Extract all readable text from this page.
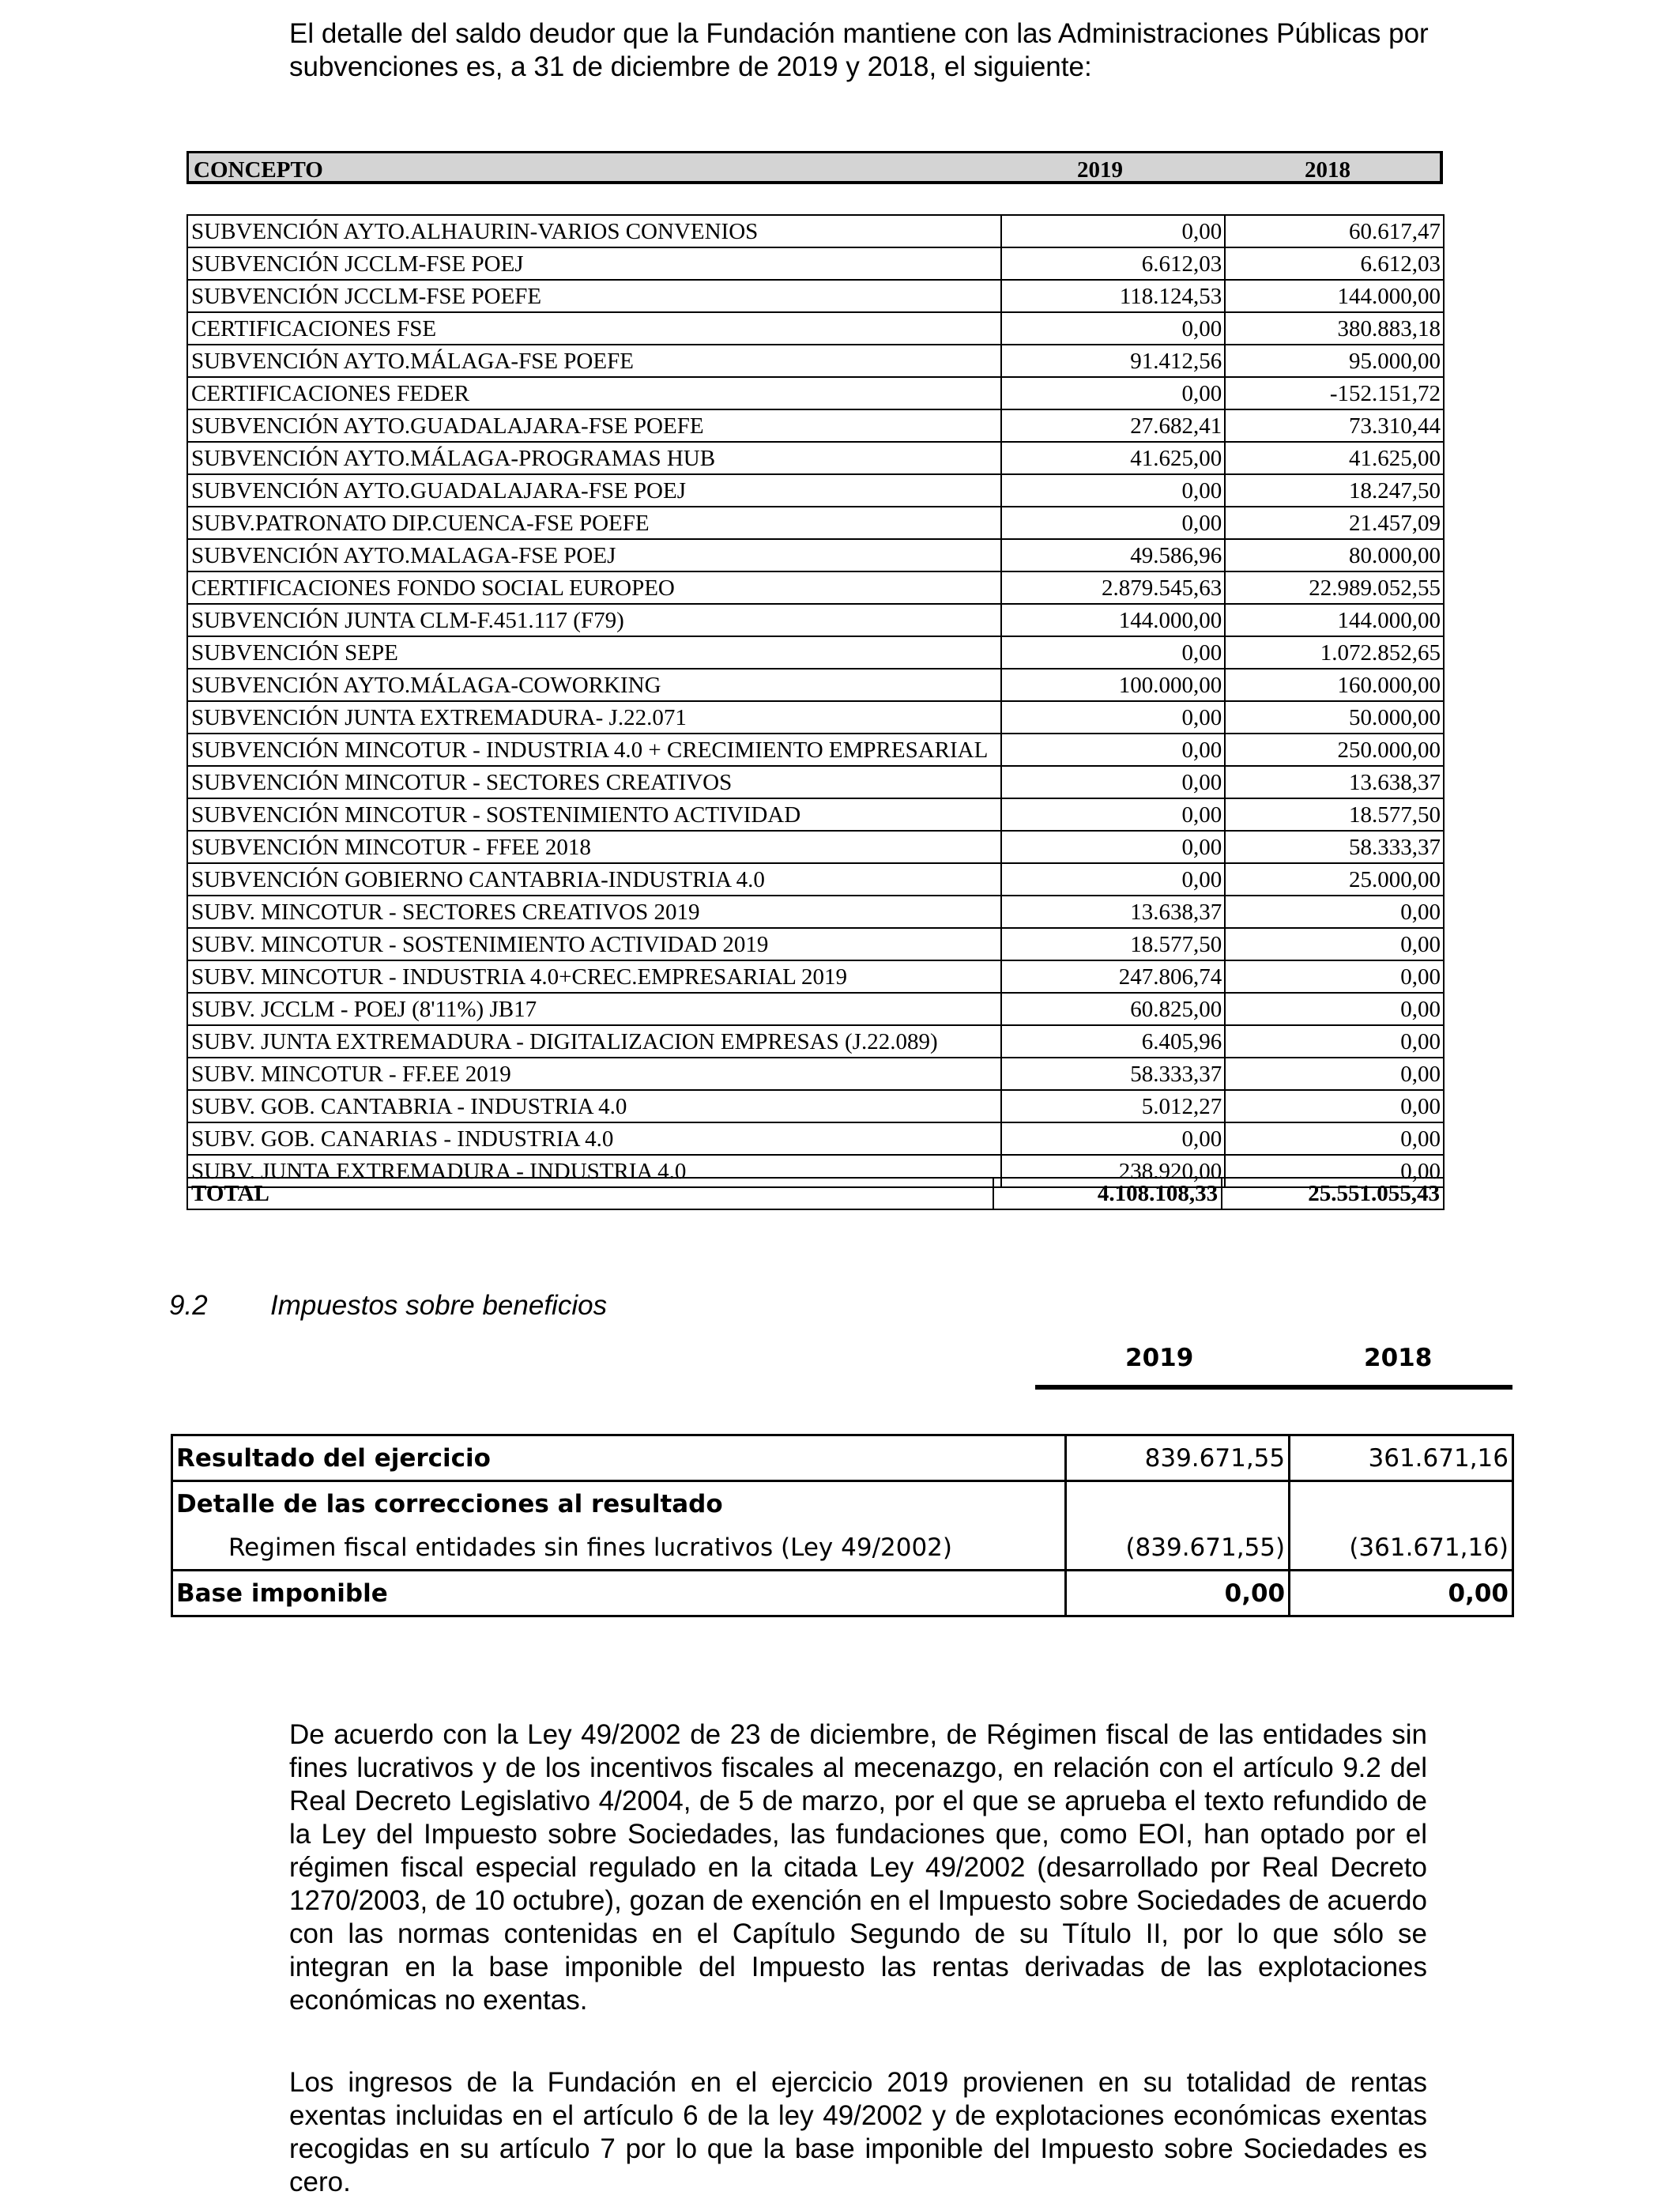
El detalle del saldo deudor que la Fundación mantiene con las Administraciones Públicas por subvenciones es, a 31 de diciembre de 2019 y 2018, el siguiente:
CONCEPTO	2019	2018
SUBVENCIÓN AYTO.ALHAURIN-VARIOS CONVENIOS	0,00	60.617,47
SUBVENCIÓN JCCLM-FSE POEJ	6.612,03	6.612,03
SUBVENCIÓN JCCLM-FSE POEFE	118.124,53	144.000,00
CERTIFICACIONES FSE	0,00	380.883,18
SUBVENCIÓN AYTO.MÁLAGA-FSE POEFE	91.412,56	95.000,00
CERTIFICACIONES FEDER	0,00	-152.151,72
SUBVENCIÓN AYTO.GUADALAJARA-FSE POEFE	27.682,41	73.310,44
SUBVENCIÓN AYTO.MÁLAGA-PROGRAMAS HUB	41.625,00	41.625,00
SUBVENCIÓN AYTO.GUADALAJARA-FSE POEJ	0,00	18.247,50
SUBV.PATRONATO DIP.CUENCA-FSE POEFE	0,00	21.457,09
SUBVENCIÓN AYTO.MALAGA-FSE POEJ	49.586,96	80.000,00
CERTIFICACIONES FONDO SOCIAL EUROPEO	2.879.545,63	22.989.052,55
SUBVENCIÓN JUNTA CLM-F.451.117 (F79)	144.000,00	144.000,00
SUBVENCIÓN SEPE	0,00	1.072.852,65
SUBVENCIÓN AYTO.MÁLAGA-COWORKING	100.000,00	160.000,00
SUBVENCIÓN JUNTA EXTREMADURA- J.22.071	0,00	50.000,00
SUBVENCIÓN MINCOTUR - INDUSTRIA 4.0 + CRECIMIENTO EMPRESARIAL	0,00	250.000,00
SUBVENCIÓN MINCOTUR - SECTORES CREATIVOS	0,00	13.638,37
SUBVENCIÓN MINCOTUR - SOSTENIMIENTO ACTIVIDAD	0,00	18.577,50
SUBVENCIÓN MINCOTUR - FFEE 2018	0,00	58.333,37
SUBVENCIÓN GOBIERNO CANTABRIA-INDUSTRIA 4.0	0,00	25.000,00
SUBV. MINCOTUR - SECTORES CREATIVOS 2019	13.638,37	0,00
SUBV. MINCOTUR - SOSTENIMIENTO ACTIVIDAD 2019	18.577,50	0,00
SUBV. MINCOTUR - INDUSTRIA 4.0+CREC.EMPRESARIAL 2019	247.806,74	0,00
SUBV. JCCLM - POEJ (8'11%) JB17	60.825,00	0,00
SUBV. JUNTA EXTREMADURA - DIGITALIZACION EMPRESAS (J.22.089)	6.405,96	0,00
SUBV. MINCOTUR - FF.EE 2019	58.333,37	0,00
SUBV. GOB. CANTABRIA - INDUSTRIA 4.0	5.012,27	0,00
SUBV. GOB. CANARIAS - INDUSTRIA 4.0	0,00	0,00
SUBV. JUNTA EXTREMADURA - INDUSTRIA 4.0	238.920,00	0,00
TOTAL	4.108.108,33	25.551.055,43
9.2 Impuestos sobre beneficios
2019	2018
Resultado del ejercicio	839.671,55	361.671,16
Detalle de las correcciones al resultado		
Regimen fiscal entidades sin fines lucrativos (Ley 49/2002)	(839.671,55)	(361.671,16)
Base imponible	0,00	0,00

De acuerdo con la Ley 49/2002 de 23 de diciembre, de Régimen fiscal de las entidades sin fines lucrativos y de los incentivos fiscales al mecenazgo, en relación con el artículo 9.2 del Real Decreto Legislativo 4/2004, de 5 de marzo, por el que se aprueba el texto refundido de la Ley del Impuesto sobre Sociedades, las fundaciones que, como EOI, han optado por el régimen fiscal especial regulado en la citada Ley 49/2002 (desarrollado por Real Decreto 1270/2003, de 10 octubre), gozan de exención en el Impuesto sobre Sociedades de acuerdo con las normas contenidas en el Capítulo Segundo de su Título II, por lo que sólo se integran en la base imponible del Impuesto las rentas derivadas de las explotaciones económicas no exentas.

Los ingresos de la Fundación en el ejercicio 2019 provienen en su totalidad de rentas exentas incluidas en el artículo 6 de la ley 49/2002 y de explotaciones económicas exentas recogidas en su artículo 7 por lo que la base imponible del Impuesto sobre Sociedades es cero.
